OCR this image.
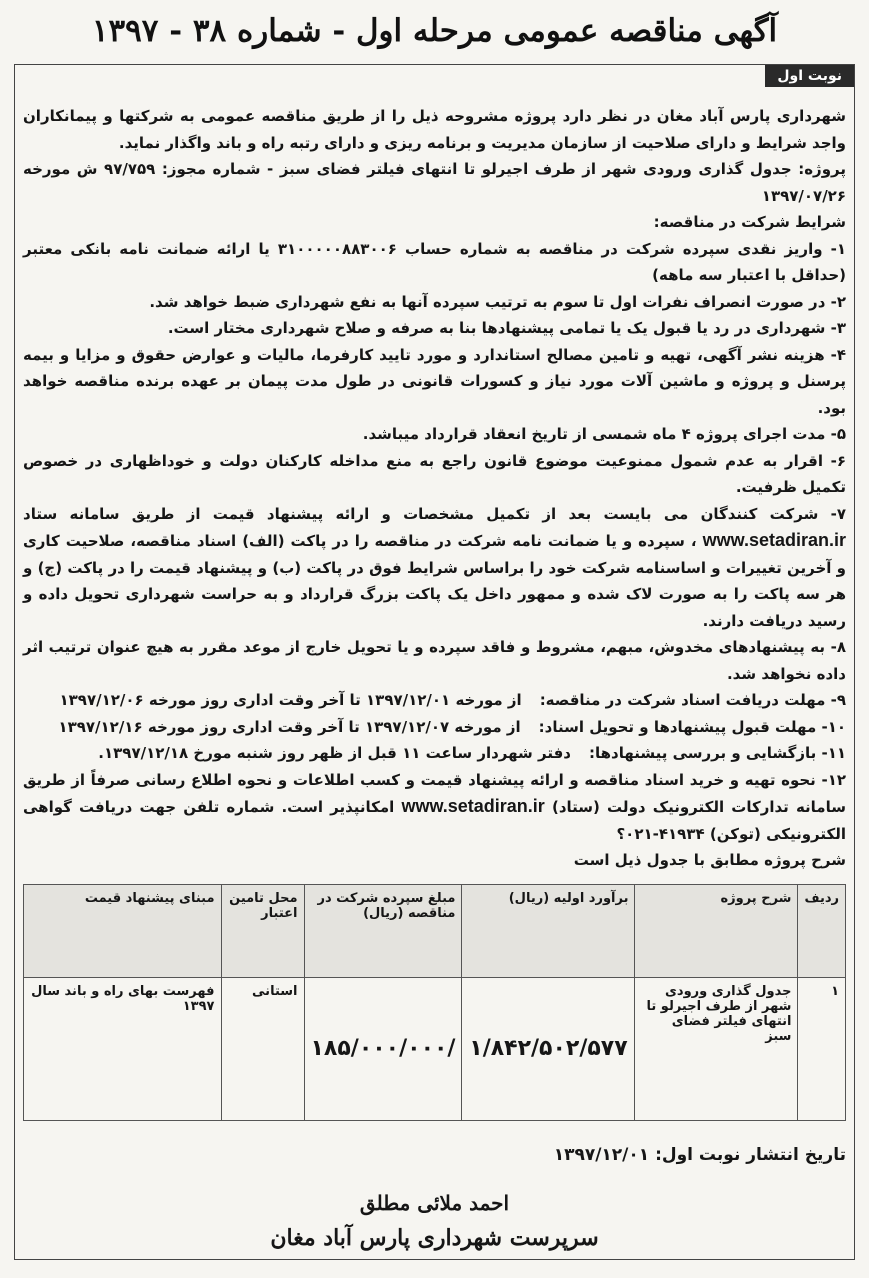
آگهی مناقصه عمومی مرحله اول - شماره ۳۸ - ۱۳۹۷
نوبت اول

شهرداری پارس آباد مغان در نظر دارد پروژه مشروحه ذیل را از طریق مناقصه عمومی به شرکتها و پیمانکاران واجد شرایط و دارای صلاحیت از سازمان مدیریت و برنامه ریزی و دارای رتبه راه و باند واگذار نماید.

پروژه: جدول گذاری ورودی شهر از طرف اجیرلو تا انتهای فیلتر فضای سبز - شماره مجوز: ۹۷/۷۵۹ ش مورخه ۱۳۹۷/۰۷/۲۶

شرایط شرکت در مناقصه:

۱- واریز نقدی سپرده شرکت در مناقصه به شماره حساب ۳۱۰۰۰۰۰۸۸۳۰۰۶ یا ارائه ضمانت نامه بانکی معتبر (حداقل با اعتبار سه ماهه)

۲- در صورت انصراف نفرات اول تا سوم به ترتیب سپرده آنها به نفع شهرداری ضبط خواهد شد.

۳- شهرداری در رد یا قبول یک یا تمامی پیشنهادها بنا به صرفه و صلاح شهرداری مختار است.

۴- هزینه نشر آگهی، تهیه و تامین مصالح استاندارد و مورد تایید کارفرما، مالیات و عوارض حقوق و مزایا و بیمه پرسنل و پروژه و ماشین آلات مورد نیاز و کسورات قانونی در طول مدت پیمان بر عهده برنده مناقصه خواهد بود.

۵- مدت اجرای پروژه ۴ ماه شمسی از تاریخ انعقاد قرارداد میباشد.

۶- اقرار به عدم شمول ممنوعیت موضوع قانون راجع به منع مداخله کارکنان دولت و خوداظهاری در خصوص تکمیل ظرفیت.

۷- شرکت کنندگان می بایست بعد از تکمیل مشخصات و ارائه پیشنهاد قیمت از طریق سامانه ستاد www.setadiran.ir ، سپرده و یا ضمانت نامه شرکت در مناقصه را در پاکت (الف) اسناد مناقصه، صلاحیت کاری و آخرین تغییرات و اساسنامه شرکت خود را براساس شرایط فوق در پاکت (ب) و پیشنهاد قیمت را در پاکت (ج) و هر سه پاکت را به صورت لاک شده و ممهور داخل یک پاکت بزرگ قرارداد و به حراست شهرداری تحویل داده و رسید دریافت دارند.

۸- به پیشنهادهای مخدوش، مبهم، مشروط و فاقد سپرده و یا تحویل خارج از موعد مقرر به هیچ عنوان ترتیب اثر داده نخواهد شد.

۹- مهلت دریافت اسناد شرکت در مناقصه:
از مورخه ۱۳۹۷/۱۲/۰۱ تا آخر وقت اداری روز مورخه ۱۳۹۷/۱۲/۰۶

۱۰- مهلت قبول پیشنهادها و تحویل اسناد:
از مورخه ۱۳۹۷/۱۲/۰۷ تا آخر وقت اداری روز مورخه ۱۳۹۷/۱۲/۱۶

۱۱- بازگشایی و بررسی پیشنهادها:
دفتر شهردار ساعت ۱۱ قبل از ظهر روز شنبه مورخ ۱۳۹۷/۱۲/۱۸.

۱۲- نحوه تهیه و خرید اسناد مناقصه و ارائه پیشنهاد قیمت و کسب اطلاعات و نحوه اطلاع رسانی صرفاً از طریق سامانه تدارکات الکترونیک دولت (ستاد) www.setadiran.ir امکانپذیر است. شماره تلفن جهت دریافت گواهی الکترونیکی (توکن) ۴۱۹۳۴-۰۲۱؟

شرح پروژه مطابق با جدول ذیل است

ردیف	شرح پروژه	برآورد اولیه (ریال)	مبلغ سپرده شرکت در مناقصه (ریال)	محل تامین اعتبار	مبنای پیشنهاد قیمت
۱	جدول گذاری ورودی شهر از طرف اجیرلو تا انتهای فیلتر فضای سبز	۱/۸۴۲/۵۰۲/۵۷۷	۱۸۵/۰۰۰/۰۰۰/	استانی	فهرست بهای راه و باند سال ۱۳۹۷
تاریخ انتشار نوبت اول: ۱۳۹۷/۱۲/۰۱
احمد ملائی مطلق
سرپرست شهرداری پارس آباد مغان
